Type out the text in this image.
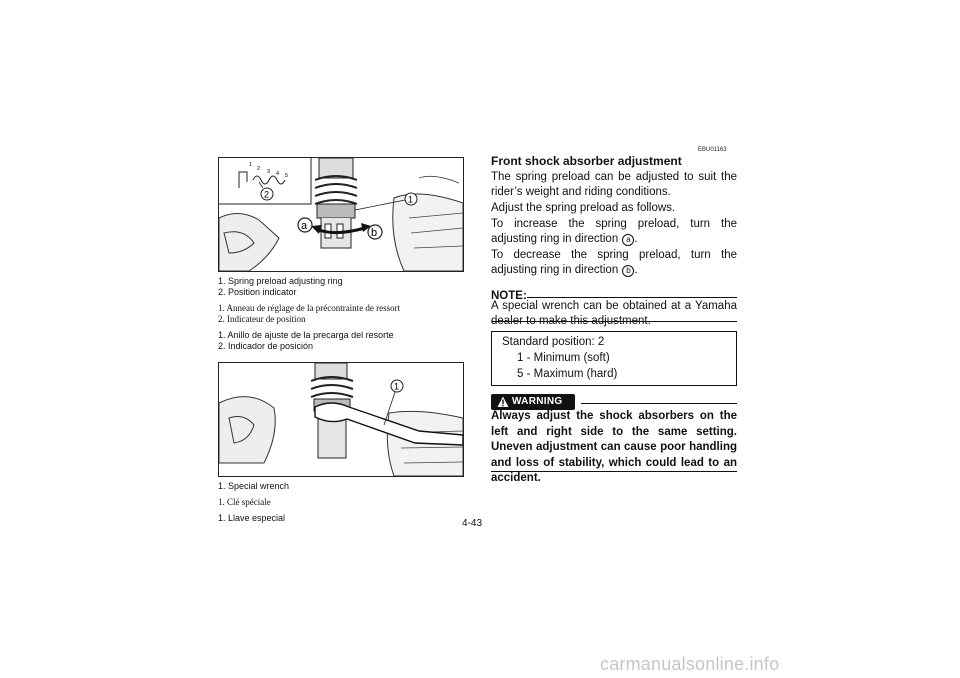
1
2 3 4 5
2	1
a
b
1. Spring preload adjusting ring
2. Position indicator
1. Anneau de réglage de la précontrainte de ressort
2. Indicateur de position
1. Anillo de ajuste de la precarga del resorte
2. Indicador de posición
1
1. Special wrench
1. Clé spéciale
1. Llave especial
EBU01163
Front shock absorber adjustment

The spring preload can be adjusted to suit the rider’s weight and riding conditions.

Adjust the spring preload as follows.

To increase the spring preload, turn the adjusting ring in direction a .

To decrease the spring preload, turn the adjusting ring in direction b .

NOTE:
A special wrench can be obtained at a Yamaha dealer to make this adjustment.
Standard position: 2
1 - Minimum (soft)
5 - Maximum (hard)
WARNING
Always adjust the shock absorbers on the left and right side to the same setting. Uneven adjustment can cause poor handling and loss of stability, which could lead to an accident.
4-43
carmanualsonline.info
